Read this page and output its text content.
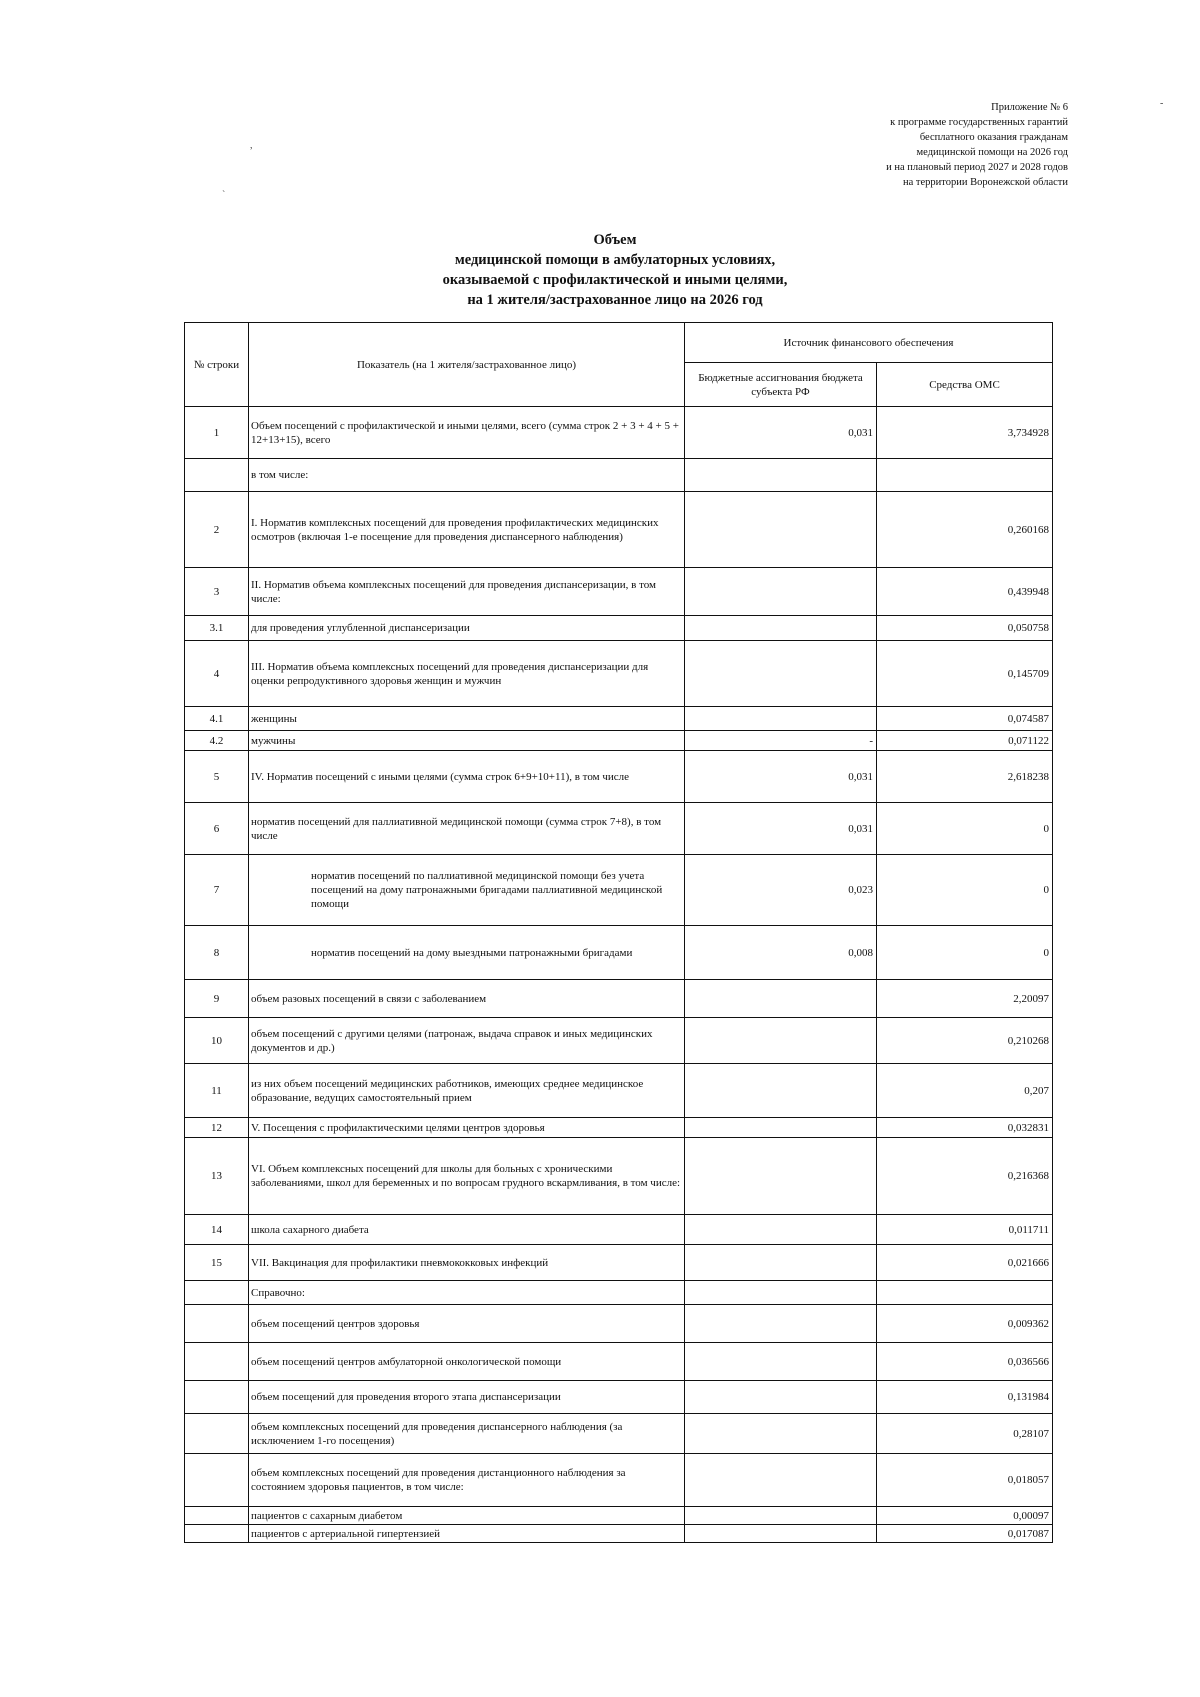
Приложение № 6
к программе государственных гарантий
бесплатного оказания гражданам
медицинской помощи на 2026 год
и на плановый период 2027 и 2028 годов
на территории Воронежской области
Объем
медицинской помощи в амбулаторных условиях,
оказываемой с профилактической и иными целями,
на 1 жителя/застрахованное лицо на 2026 год
,
`
-
№ строки	Показатель (на 1 жителя/застрахованное лицо)	Источник финансового обеспечения	
		Бюджетные ассигнования бюджета субъекта РФ	Средства ОМС
1	Объем посещений с профилактической и иными целями, всего (сумма строк 2 + 3 + 4 + 5 + 12+13+15), всего	0,031	3,734928
	в том числе:		
2	I. Норматив комплексных посещений для проведения профилактических медицинских осмотров (включая 1-е посещение для проведения диспансерного наблюдения)		0,260168
3	II. Норматив объема комплексных посещений для проведения диспансеризации, в том числе:		0,439948
3.1	для проведения углубленной диспансеризации		0,050758
4	III. Норматив объема комплексных посещений для проведения диспансеризации для оценки репродуктивного здоровья женщин и мужчин		0,145709
4.1	женщины		0,074587
4.2	мужчины	-	0,071122
5	IV. Норматив посещений с иными целями (сумма строк 6+9+10+11), в том числе	0,031	2,618238
6	норматив посещений для паллиативной медицинской помощи (сумма строк 7+8), в том числе	0,031	0
7	норматив посещений по паллиативной медицинской помощи без учета посещений на дому патронажными бригадами паллиативной медицинской помощи	0,023	0
8	норматив посещений на дому выездными патронажными бригадами	0,008	0
9	объем разовых посещений в связи с заболеванием		2,20097
10	объем посещений с другими целями (патронаж, выдача справок и иных медицинских документов и др.)		0,210268
11	из них объем посещений медицинских работников, имеющих среднее медицинское образование, ведущих самостоятельный прием		0,207
12	V. Посещения с профилактическими целями центров здоровья		0,032831
13	VI. Объем комплексных посещений для школы для больных с хроническими заболеваниями, школ для беременных и по вопросам грудного вскармливания, в том числе:		0,216368
14	школа сахарного диабета		0,011711
15	VII. Вакцинация для профилактики пневмококковых инфекций		0,021666
	Справочно:		
	объем посещений центров здоровья		0,009362
	объем посещений центров амбулаторной онкологической помощи		0,036566
	объем посещений для проведения второго этапа диспансеризации		0,131984
	объем комплексных посещений для проведения диспансерного наблюдения (за исключением 1-го посещения)		0,28107
	объем комплексных посещений для проведения дистанционного наблюдения за состоянием здоровья пациентов, в том числе:		0,018057
	пациентов с сахарным диабетом		0,00097
	пациентов с артериальной гипертензией		0,017087
